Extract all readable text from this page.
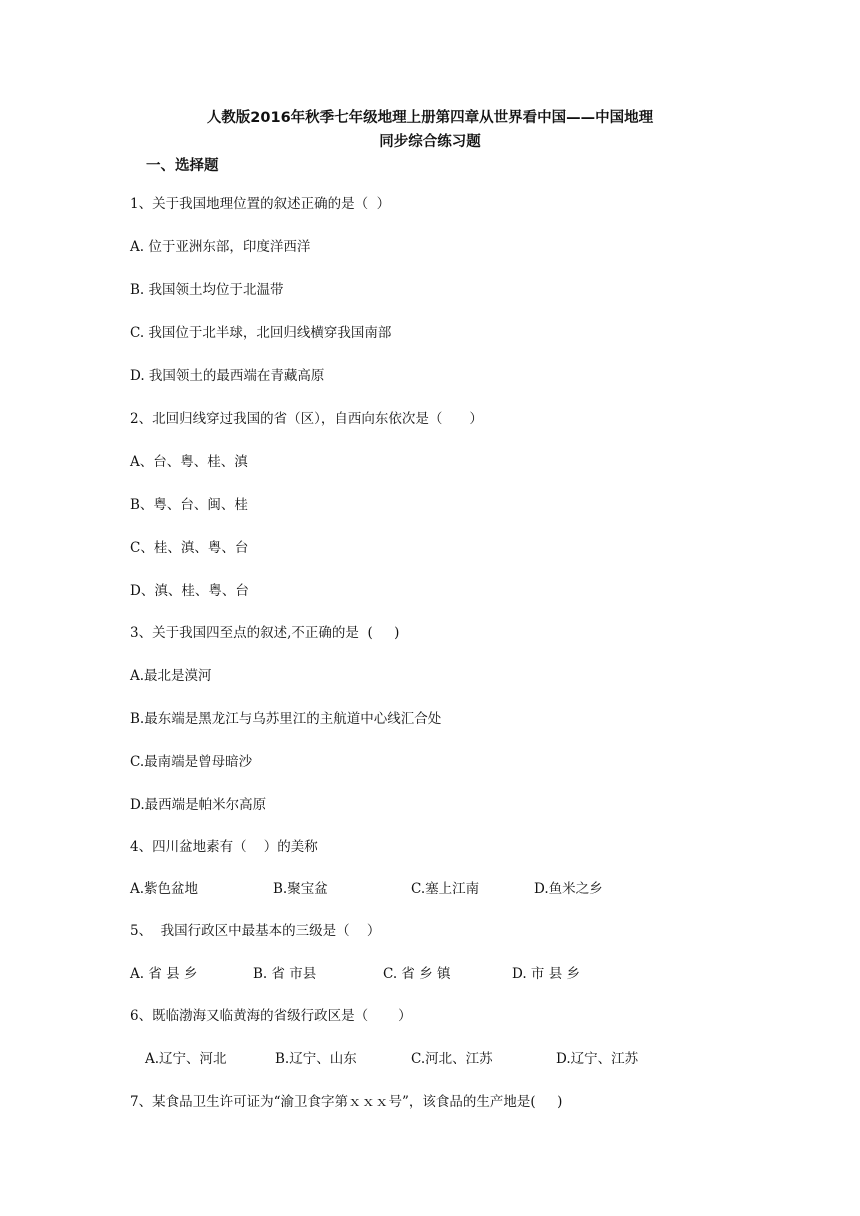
人教版2016年秋季七年级地理上册第四章从世界看中国——中国地理
同步综合练习题
一、选择题
1、关于我国地理位置的叙述正确的是（  ）
A. 位于亚洲东部，印度洋西洋
B. 我国领土均位于北温带
C. 我国位于北半球，北回归线横穿我国南部
D. 我国领土的最西端在青藏高原
2、北回归线穿过我国的省（区），自西向东依次是（　　）
A、台、粤、桂、滇
B、粤、台、闽、桂
C、桂、滇、粤、台
D、滇、桂、粤、台
3、关于我国四至点的叙述,不正确的是  (     )
A.最北是漠河
B.最东端是黑龙江与乌苏里江的主航道中心线汇合处
C.最南端是曾母暗沙
D.最西端是帕米尔高原
4、四川盆地素有（    ）的美称
A.紫色盆地	B.聚宝盆	C.塞上江南	D.鱼米之乡
5、  我国行政区中最基本的三级是（    ）
A. 省 县 乡	B. 省 市县	C. 省 乡 镇	D. 市 县 乡
6、既临渤海又临黄海的省级行政区是（       ）
A.辽宁、河北	B.辽宁、山东	C.河北、江苏	D.辽宁、江苏
7、某食品卫生许可证为“渝卫食字第ｘｘｘ号”，该食品的生产地是(     )
